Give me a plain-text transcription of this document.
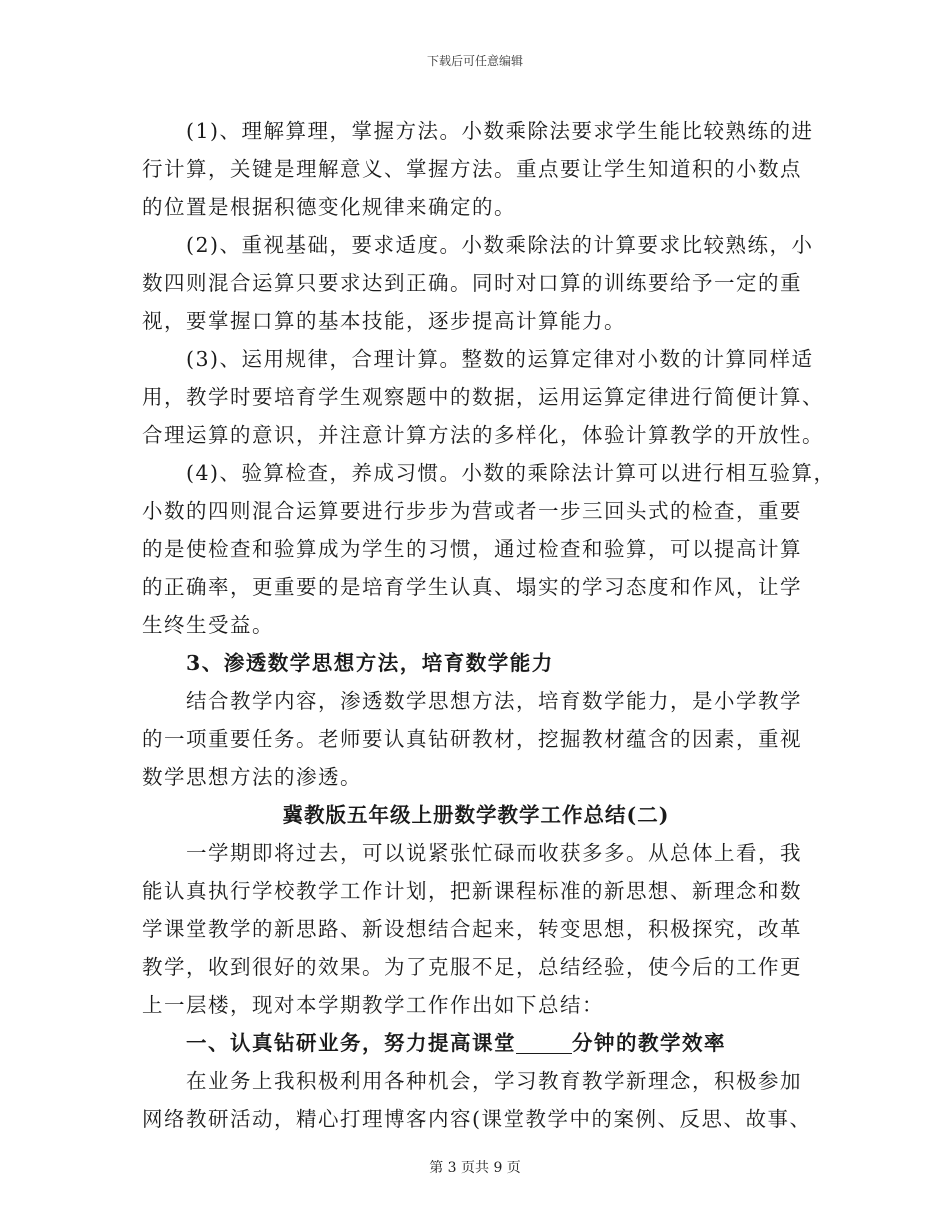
下载后可任意编辑
(1)、理解算理，掌握方法。小数乘除法要求学生能比较熟练的进
行计算，关键是理解意义、掌握方法。重点要让学生知道积的小数点
的位置是根据积德变化规律来确定的。
(2)、重视基础，要求适度。小数乘除法的计算要求比较熟练，小
数四则混合运算只要求达到正确。同时对口算的训练要给予一定的重
视，要掌握口算的基本技能，逐步提高计算能力。
(3)、运用规律，合理计算。整数的运算定律对小数的计算同样适
用，教学时要培育学生观察题中的数据，运用运算定律进行简便计算、
合理运算的意识，并注意计算方法的多样化，体验计算教学的开放性。
(4)、验算检查，养成习惯。小数的乘除法计算可以进行相互验算，
小数的四则混合运算要进行步步为营或者一步三回头式的检查，重要
的是使检查和验算成为学生的习惯，通过检查和验算，可以提高计算
的正确率，更重要的是培育学生认真、塌实的学习态度和作风，让学
生终生受益。
3、渗透数学思想方法，培育数学能力
结合教学内容，渗透数学思想方法，培育数学能力，是小学教学
的一项重要任务。老师要认真钻研教材，挖掘教材蕴含的因素，重视
数学思想方法的渗透。
冀教版五年级上册数学教学工作总结(二)
一学期即将过去，可以说紧张忙碌而收获多多。从总体上看，我
能认真执行学校教学工作计划，把新课程标准的新思想、新理念和数
学课堂教学的新思路、新设想结合起来，转变思想，积极探究，改革
教学，收到很好的效果。为了克服不足，总结经验，使今后的工作更
上一层楼，现对本学期教学工作作出如下总结：
一、认真钻研业务，努力提高课堂	分钟的教学效率
在业务上我积极利用各种机会，学习教育教学新理念，积极参加
网络教研活动，精心打理博客内容(课堂教学中的案例、反思、故事、
第 3 页共 9 页
